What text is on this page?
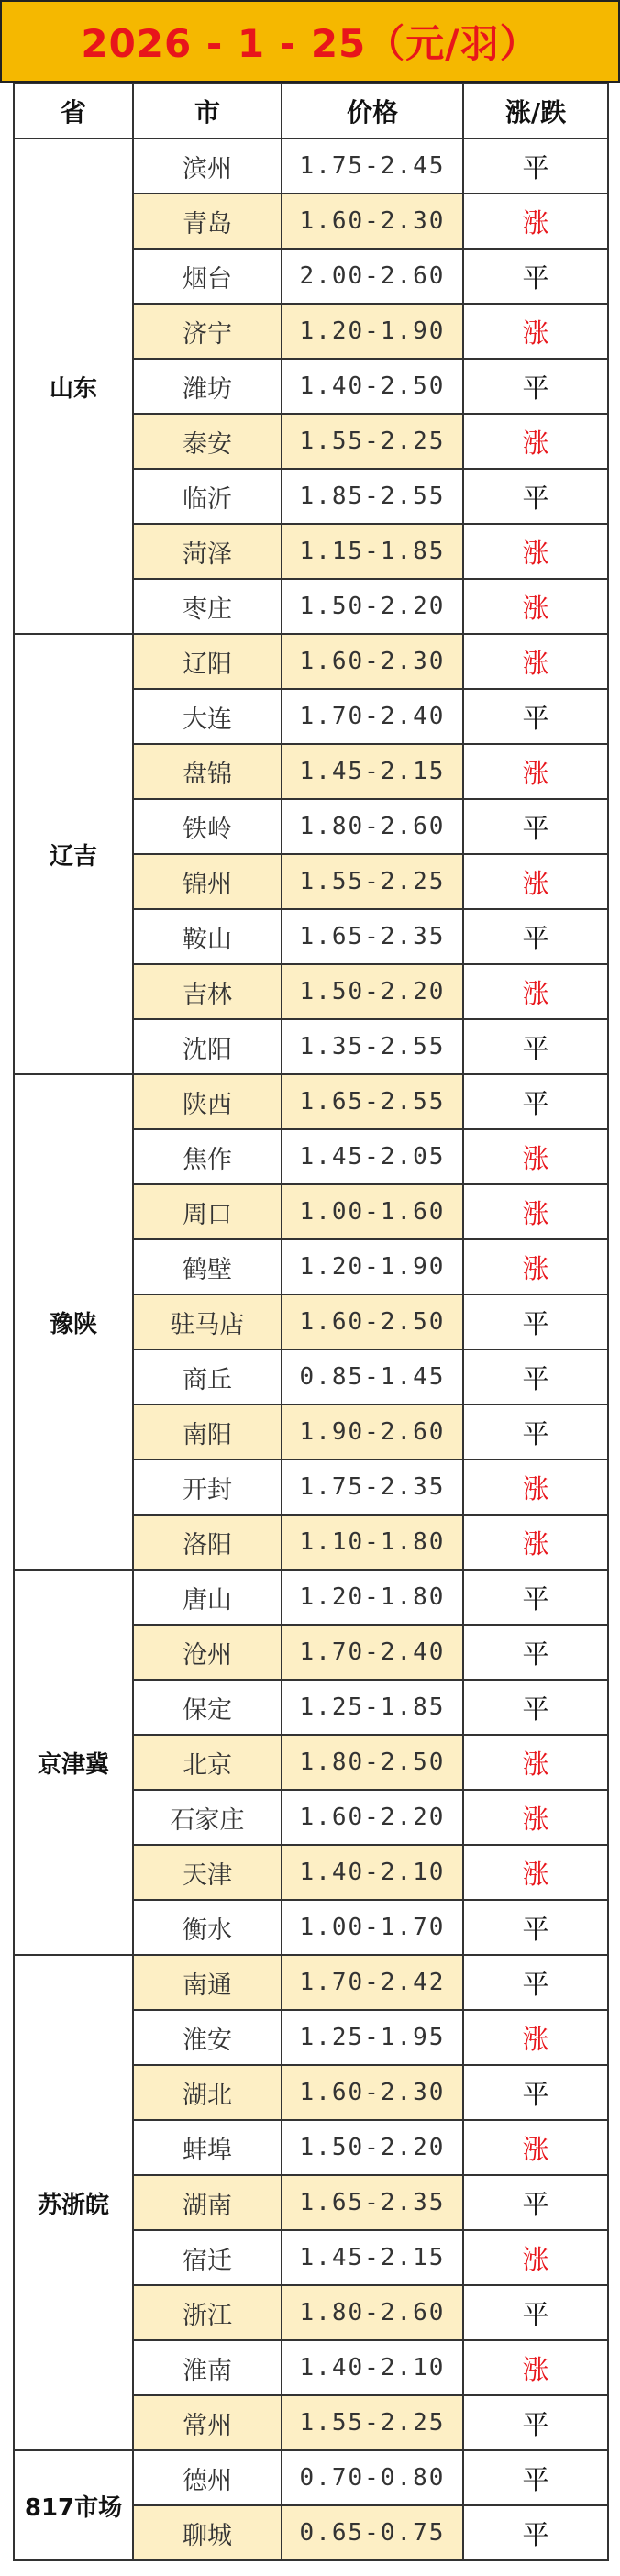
2026 - 1 - 25（元/羽）
省	市	价格	涨/跌
山东	滨州	1.75-2.45	平
	青岛	1.60-2.30	涨
	烟台	2.00-2.60	平
	济宁	1.20-1.90	涨
	潍坊	1.40-2.50	平
	泰安	1.55-2.25	涨
	临沂	1.85-2.55	平
	菏泽	1.15-1.85	涨
	枣庄	1.50-2.20	涨
辽吉	辽阳	1.60-2.30	涨
	大连	1.70-2.40	平
	盘锦	1.45-2.15	涨
	铁岭	1.80-2.60	平
	锦州	1.55-2.25	涨
	鞍山	1.65-2.35	平
	吉林	1.50-2.20	涨
	沈阳	1.35-2.55	平
豫陕	陕西	1.65-2.55	平
	焦作	1.45-2.05	涨
	周口	1.00-1.60	涨
	鹤壁	1.20-1.90	涨
	驻马店	1.60-2.50	平
	商丘	0.85-1.45	平
	南阳	1.90-2.60	平
	开封	1.75-2.35	涨
	洛阳	1.10-1.80	涨
京津冀	唐山	1.20-1.80	平
	沧州	1.70-2.40	平
	保定	1.25-1.85	平
	北京	1.80-2.50	涨
	石家庄	1.60-2.20	涨
	天津	1.40-2.10	涨
	衡水	1.00-1.70	平
苏浙皖	南通	1.70-2.42	平
	淮安	1.25-1.95	涨
	湖北	1.60-2.30	平
	蚌埠	1.50-2.20	涨
	湖南	1.65-2.35	平
	宿迁	1.45-2.15	涨
	浙江	1.80-2.60	平
	淮南	1.40-2.10	涨
	常州	1.55-2.25	平
817市场	德州	0.70-0.80	平
	聊城	0.65-0.75	平
